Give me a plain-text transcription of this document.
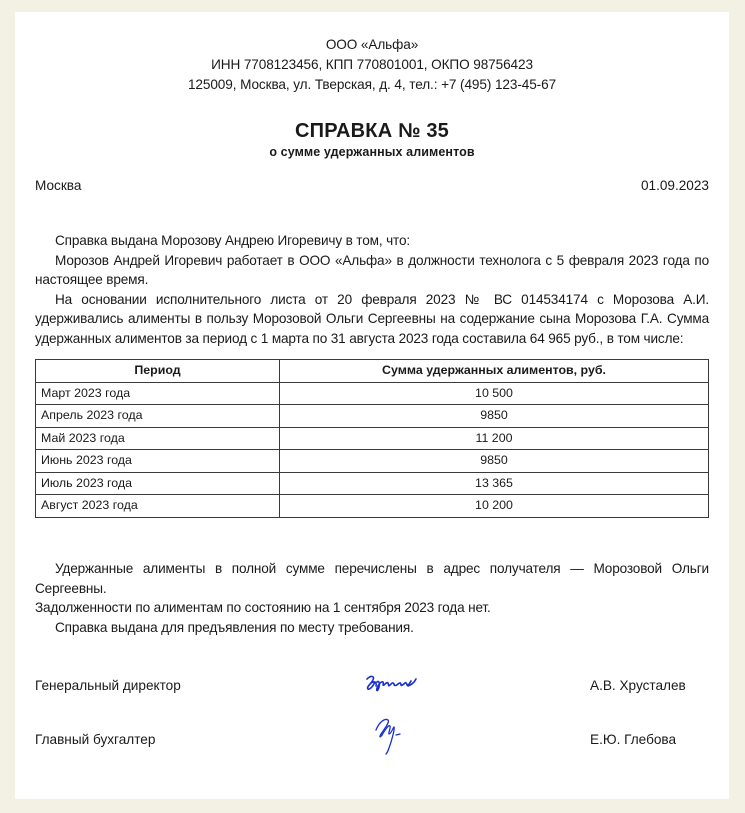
ООО «Альфа»
ИНН 7708123456, КПП 770801001, ОКПО 98756423
125009, Москва, ул. Тверская, д. 4, тел.: +7 (495) 123-45-67
СПРАВКА № 35
о сумме удержанных алиментов
Москва	01.09.2023

Справка выдана Морозову Андрею Игоревичу в том, что:

Морозов Андрей Игоревич работает в ООО «Альфа» в должности технолога с 5 февраля 2023 года по настоящее время.

На основании исполнительного листа от 20 февраля 2023 № ВС 014534174 с Морозова А.И. удерживались алименты в пользу Морозовой Ольги Сергеевны на содержание сына Морозова Г.А. Сумма удержанных алиментов за период с 1 марта по 31 августа 2023 года составила 64 965 руб., в том числе:

Период	Сумма удержанных алиментов, руб.
Март 2023 года	10 500
Апрель 2023 года	9850
Май 2023 года	11 200
Июнь 2023 года	9850
Июль 2023 года	13 365
Август 2023 года	10 200

Удержанные алименты в полной сумме перечислены в адрес получателя — Морозовой Ольги Сергеевны.

Задолженности по алиментам по состоянию на 1 сентября 2023 года нет.

Справка выдана для предъявления по месту требования.

Генеральный директор	А.В. Хрусталев
Главный бухгалтер	Е.Ю. Глебова
